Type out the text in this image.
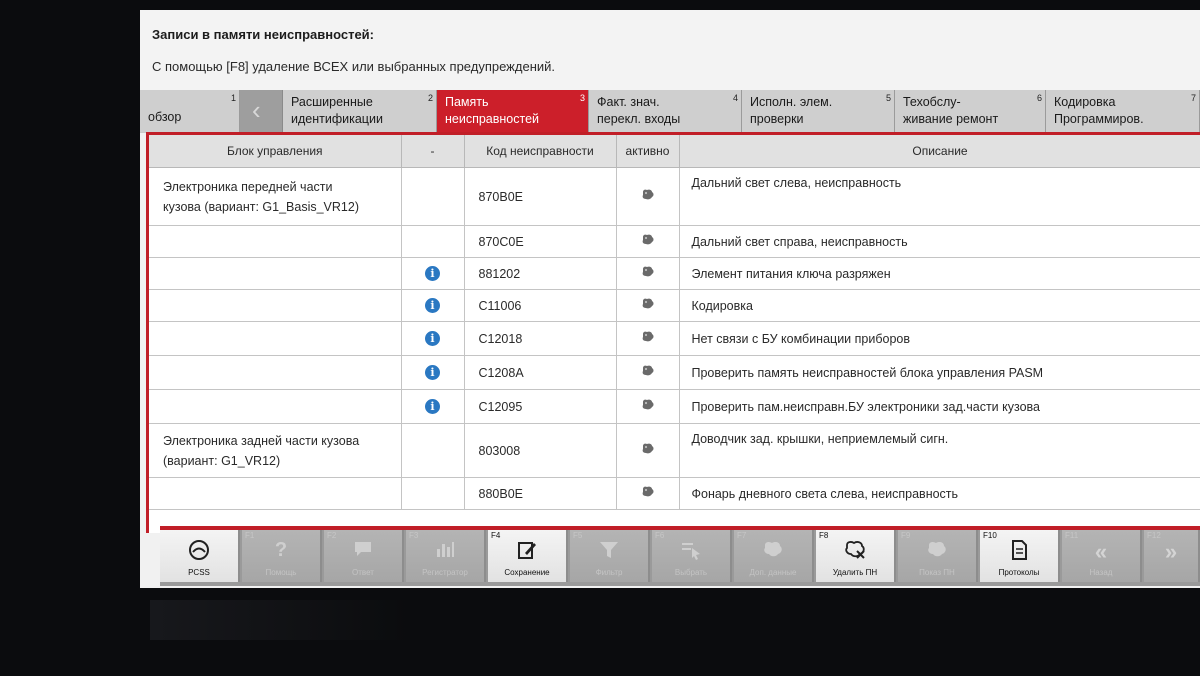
Записи в памяти неисправностей:
С помощью [F8] удаление ВСЕХ или выбранных предупреждений.
1
обзор	‹	2
Расширенные
идентификации
3
Память
неисправностей
4
Факт. знач.
перекл. входы
5
Исполн. элем.
проверки
6
Техобслу-
живание ремонт
7
Кодировка
Программиров.
Блок управления	-	Код неисправности	активно	Описание

Электроника передней части
кузова (вариант: G1_Basis_VR12)		870B0E		Дальний свет слева, неисправность

		870C0E		Дальний свет справа, неисправность

	i	881202		Элемент питания ключа разряжен

	i	C11006		Кодировка

	i	C12018		Нет связи с БУ комбинации приборов

	i	C1208A		Проверить память неисправностей блока управления PASM

	i	C12095		Проверить пам.неисправн.БУ электроники зад.части кузова

Электроника задней части кузова
(вариант: G1_VR12)		803008		Доводчик зад. крышки, неприемлемый сигн.

		880B0E		Фонарь дневного света слева, неисправность
PCSS
F1
?
Помощь
F2
Ответ
F3
Регистратор
F4
Сохранение
F5
Фильтр
F6
Выбрать
F7
Доп. данные
F8
Удалить ПН
F9
Показ ПН
F10
Протоколы
F11
«
Назад
F12
»
